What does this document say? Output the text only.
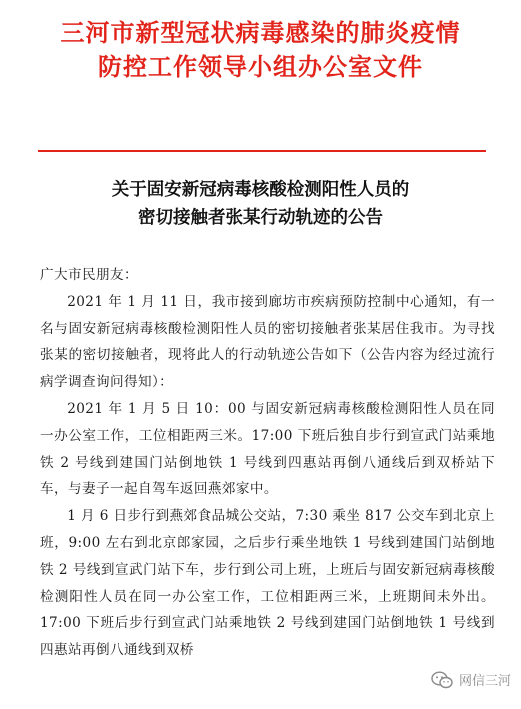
三河市新型冠状病毒感染的肺炎疫情
防控工作领导小组办公室文件
关于固安新冠病毒核酸检测阳性人员的
密切接触者张某行动轨迹的公告

广大市民朋友：

2021 年 1 月 11 日，我市接到廊坊市疾病预防控制中心通知，有一名与固安新冠病毒核酸检测阳性人员的密切接触者张某居住我市。为寻找张某的密切接触者，现将此人的行动轨迹公告如下（公告内容为经过流行病学调查询问得知）：

2021 年 1 月 5 日 10：00 与固安新冠病毒核酸检测阳性人员在同一办公室工作，工位相距两三米。17:00 下班后独自步行到宣武门站乘地铁 2 号线到建国门站倒地铁 1 号线到四惠站再倒八通线后到双桥站下车，与妻子一起自驾车返回燕郊家中。

1 月 6 日步行到燕郊食品城公交站，7:30 乘坐 817 公交车到北京上班，9:00 左右到北京郎家园，之后步行乘坐地铁 1 号线到建国门站倒地铁 2 号线到宣武门站下车，步行到公司上班，上班后与固安新冠病毒核酸检测阳性人员在同一办公室工作，工位相距两三米，上班期间未外出。17:00 下班后步行到宣武门站乘地铁 2 号线到建国门站倒地铁 1 号线到四惠站再倒八通线到双桥

网信三河
